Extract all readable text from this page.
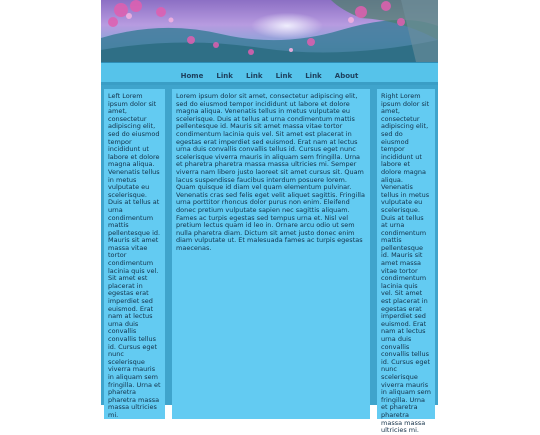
Home Link Link Link Link About
Left Lorem ipsum dolor sit amet, consectetur adipiscing elit, sed do eiusmod tempor incididunt ut labore et dolore magna aliqua. Venenatis tellus in metus vulputate eu scelerisque. Duis at tellus at urna condimentum mattis pellentesque id. Mauris sit amet massa vitae tortor condimentum lacinia quis vel. Sit amet est placerat in egestas erat imperdiet sed euismod. Erat nam at lectus urna duis convallis convallis tellus id. Cursus eget nunc scelerisque viverra mauris in aliquam sem fringilla. Urna et pharetra pharetra massa massa ultricies mi.
Lorem ipsum dolor sit amet, consectetur adipiscing elit, sed do eiusmod tempor incididunt ut labore et dolore magna aliqua. Venenatis tellus in metus vulputate eu scelerisque. Duis at tellus at urna condimentum mattis pellentesque id. Mauris sit amet massa vitae tortor condimentum lacinia quis vel. Sit amet est placerat in egestas erat imperdiet sed euismod. Erat nam at lectus urna duis convallis convallis tellus id. Cursus eget nunc scelerisque viverra mauris in aliquam sem fringilla. Urna et pharetra pharetra massa massa ultricies mi. Semper viverra nam libero justo laoreet sit amet cursus sit. Quam lacus suspendisse faucibus interdum posuere lorem. Quam quisque id diam vel quam elementum pulvinar. Venenatis cras sed felis eget velit aliquet sagittis. Fringilla urna porttitor rhoncus dolor purus non enim. Eleifend donec pretium vulputate sapien nec sagittis aliquam. Fames ac turpis egestas sed tempus urna et. Nisl vel pretium lectus quam id leo in. Ornare arcu odio ut sem nulla pharetra diam. Dictum sit amet justo donec enim diam vulputate ut. Et malesuada fames ac turpis egestas maecenas.
Right Lorem ipsum dolor sit amet, consectetur adipiscing elit, sed do eiusmod tempor incididunt ut labore et dolore magna aliqua. Venenatis tellus in metus vulputate eu scelerisque. Duis at tellus at urna condimentum mattis pellentesque id. Mauris sit amet massa vitae tortor condimentum lacinia quis vel. Sit amet est placerat in egestas erat imperdiet sed euismod. Erat nam at lectus urna duis convallis convallis tellus id. Cursus eget nunc scelerisque viverra mauris in aliquam sem fringilla. Urna et pharetra pharetra massa massa ultricies mi.
